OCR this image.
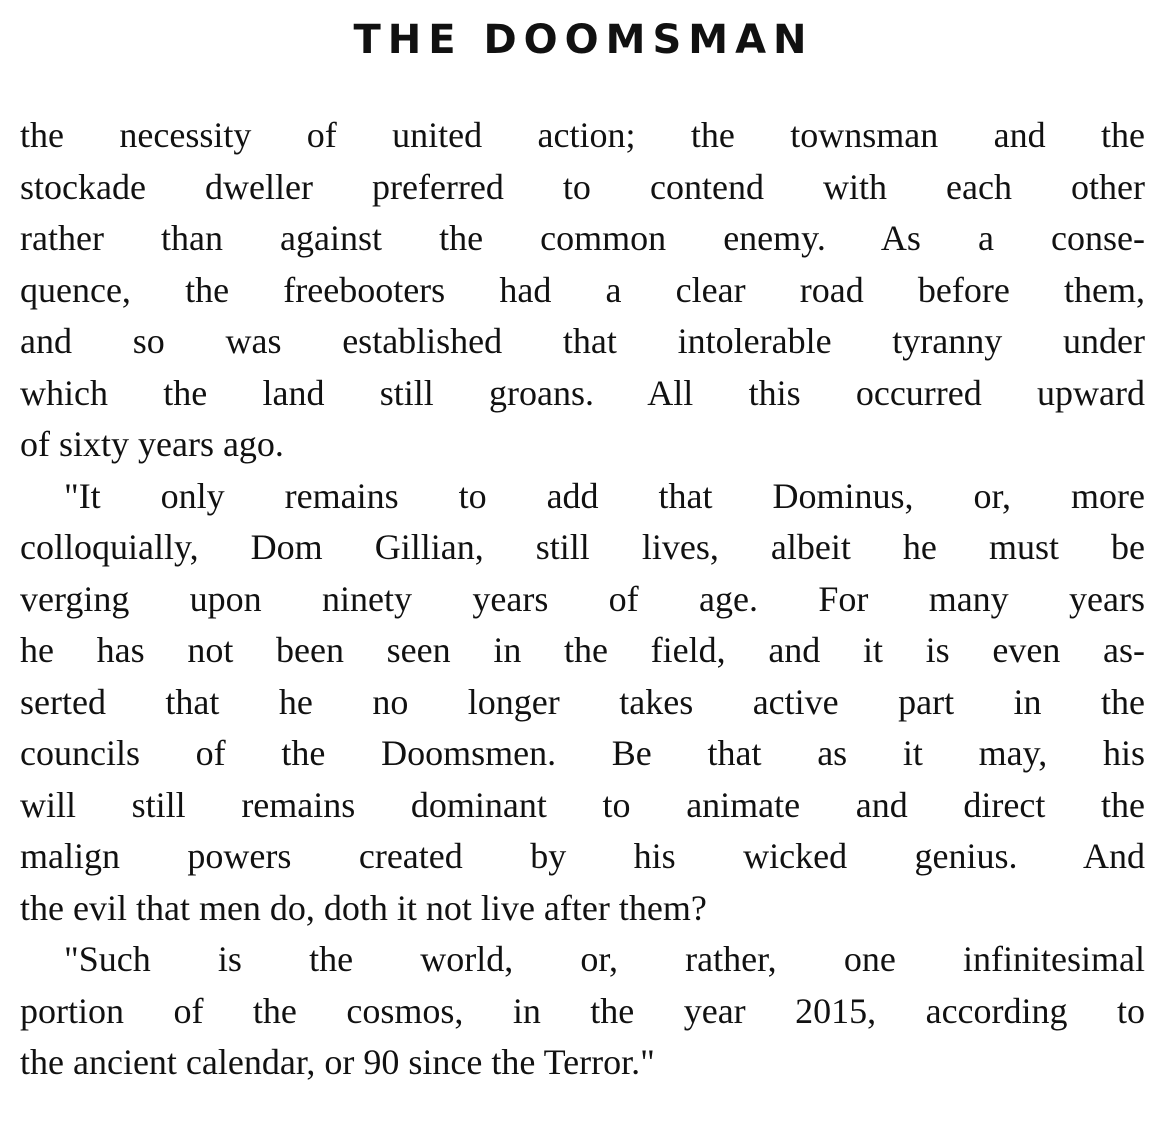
THE DOOMSMAN
the necessity of united action; the townsman and the
stockade dweller preferred to contend with each other
rather than against the common enemy. As a conse-
quence, the freebooters had a clear road before them,
and so was established that intolerable tyranny under
which the land still groans. All this occurred upward
of sixty years ago.
"It only remains to add that Dominus, or, more
colloquially, Dom Gillian, still lives, albeit he must be
verging upon ninety years of age. For many years
he has not been seen in the field, and it is even as-
serted that he no longer takes active part in the
councils of the Doomsmen. Be that as it may, his
will still remains dominant to animate and direct the
malign powers created by his wicked genius. And
the evil that men do, doth it not live after them?
"Such is the world, or, rather, one infinitesimal
portion of the cosmos, in the year 2015, according to
the ancient calendar, or 90 since the Terror."
